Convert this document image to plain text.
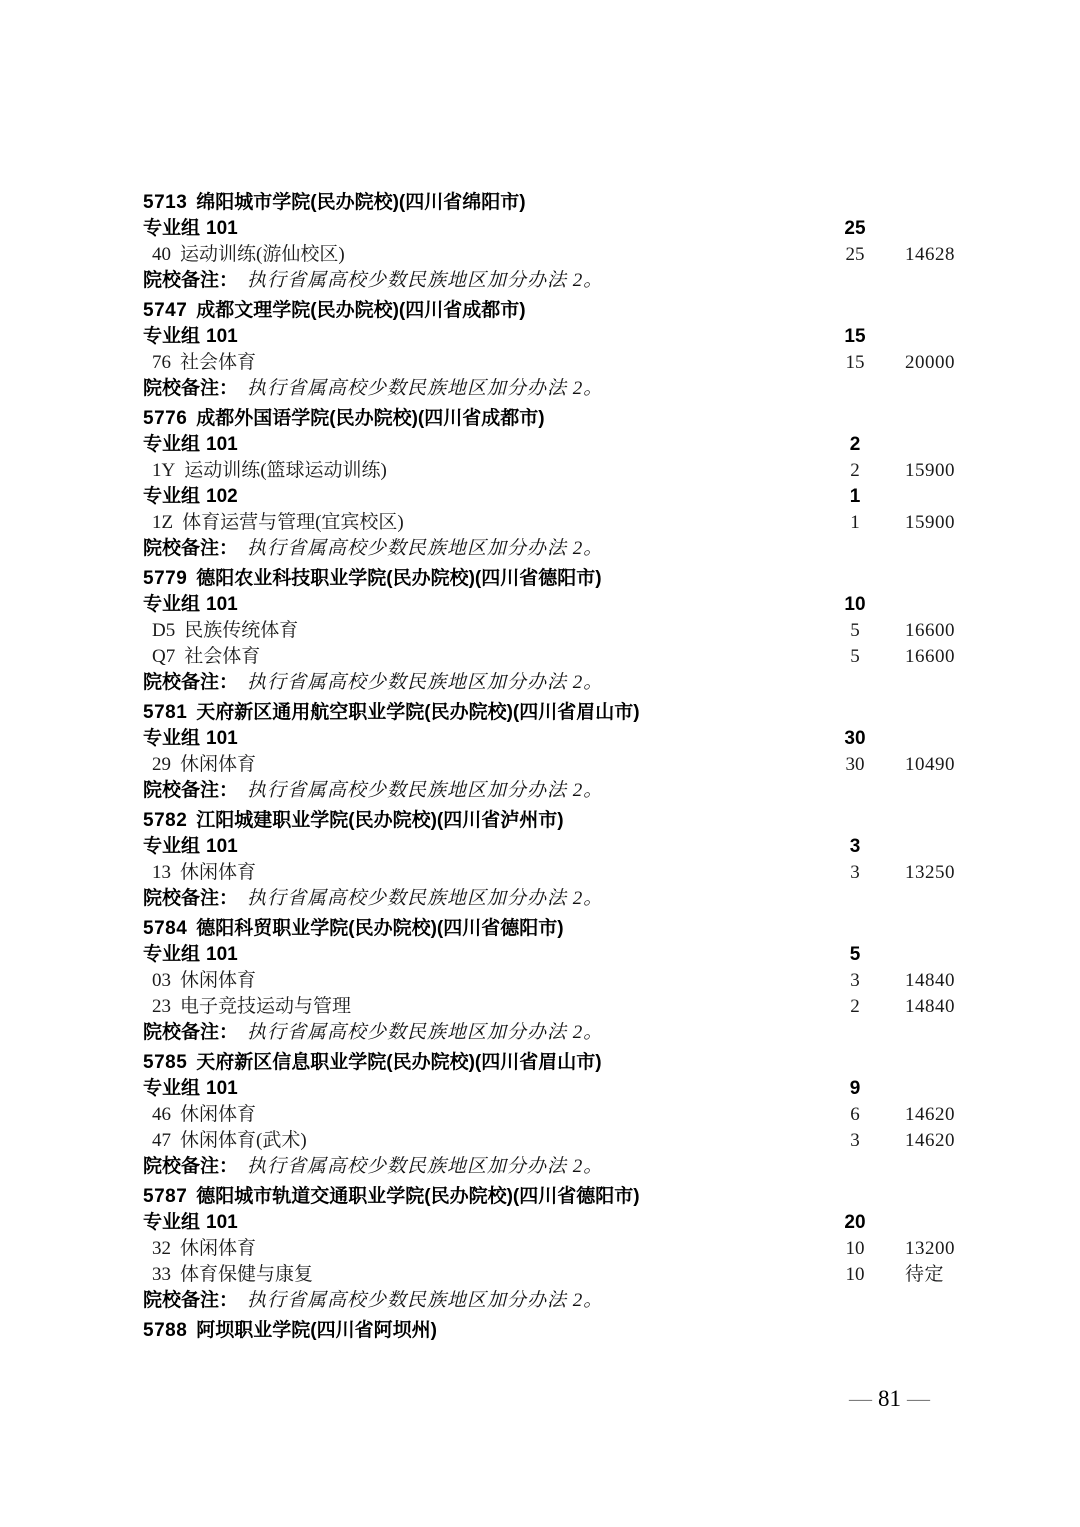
5713 绵阳城市学院(民办院校)(四川省绵阳市)
专业组 101	25
40 运动训练(游仙校区)	25	14628
院校备注： 执行省属高校少数民族地区加分办法 2。
5747 成都文理学院(民办院校)(四川省成都市)
专业组 101	15
76 社会体育	15	20000
院校备注： 执行省属高校少数民族地区加分办法 2。
5776 成都外国语学院(民办院校)(四川省成都市)
专业组 101	2
1Y 运动训练(篮球运动训练)	2	15900
专业组 102	1
1Z 体育运营与管理(宜宾校区)	1	15900
院校备注： 执行省属高校少数民族地区加分办法 2。
5779 德阳农业科技职业学院(民办院校)(四川省德阳市)
专业组 101	10
D5 民族传统体育	5	16600
Q7 社会体育	5	16600
院校备注： 执行省属高校少数民族地区加分办法 2。
5781 天府新区通用航空职业学院(民办院校)(四川省眉山市)
专业组 101	30
29 休闲体育	30	10490
院校备注： 执行省属高校少数民族地区加分办法 2。
5782 江阳城建职业学院(民办院校)(四川省泸州市)
专业组 101	3
13 休闲体育	3	13250
院校备注： 执行省属高校少数民族地区加分办法 2。
5784 德阳科贸职业学院(民办院校)(四川省德阳市)
专业组 101	5
03 休闲体育	3	14840
23 电子竞技运动与管理	2	14840
院校备注： 执行省属高校少数民族地区加分办法 2。
5785 天府新区信息职业学院(民办院校)(四川省眉山市)
专业组 101	9
46 休闲体育	6	14620
47 休闲体育(武术)	3	14620
院校备注： 执行省属高校少数民族地区加分办法 2。
5787 德阳城市轨道交通职业学院(民办院校)(四川省德阳市)
专业组 101	20
32 休闲体育	10	13200
33 体育保健与康复	10	待定
院校备注： 执行省属高校少数民族地区加分办法 2。
5788 阿坝职业学院(四川省阿坝州)
— 81 —
